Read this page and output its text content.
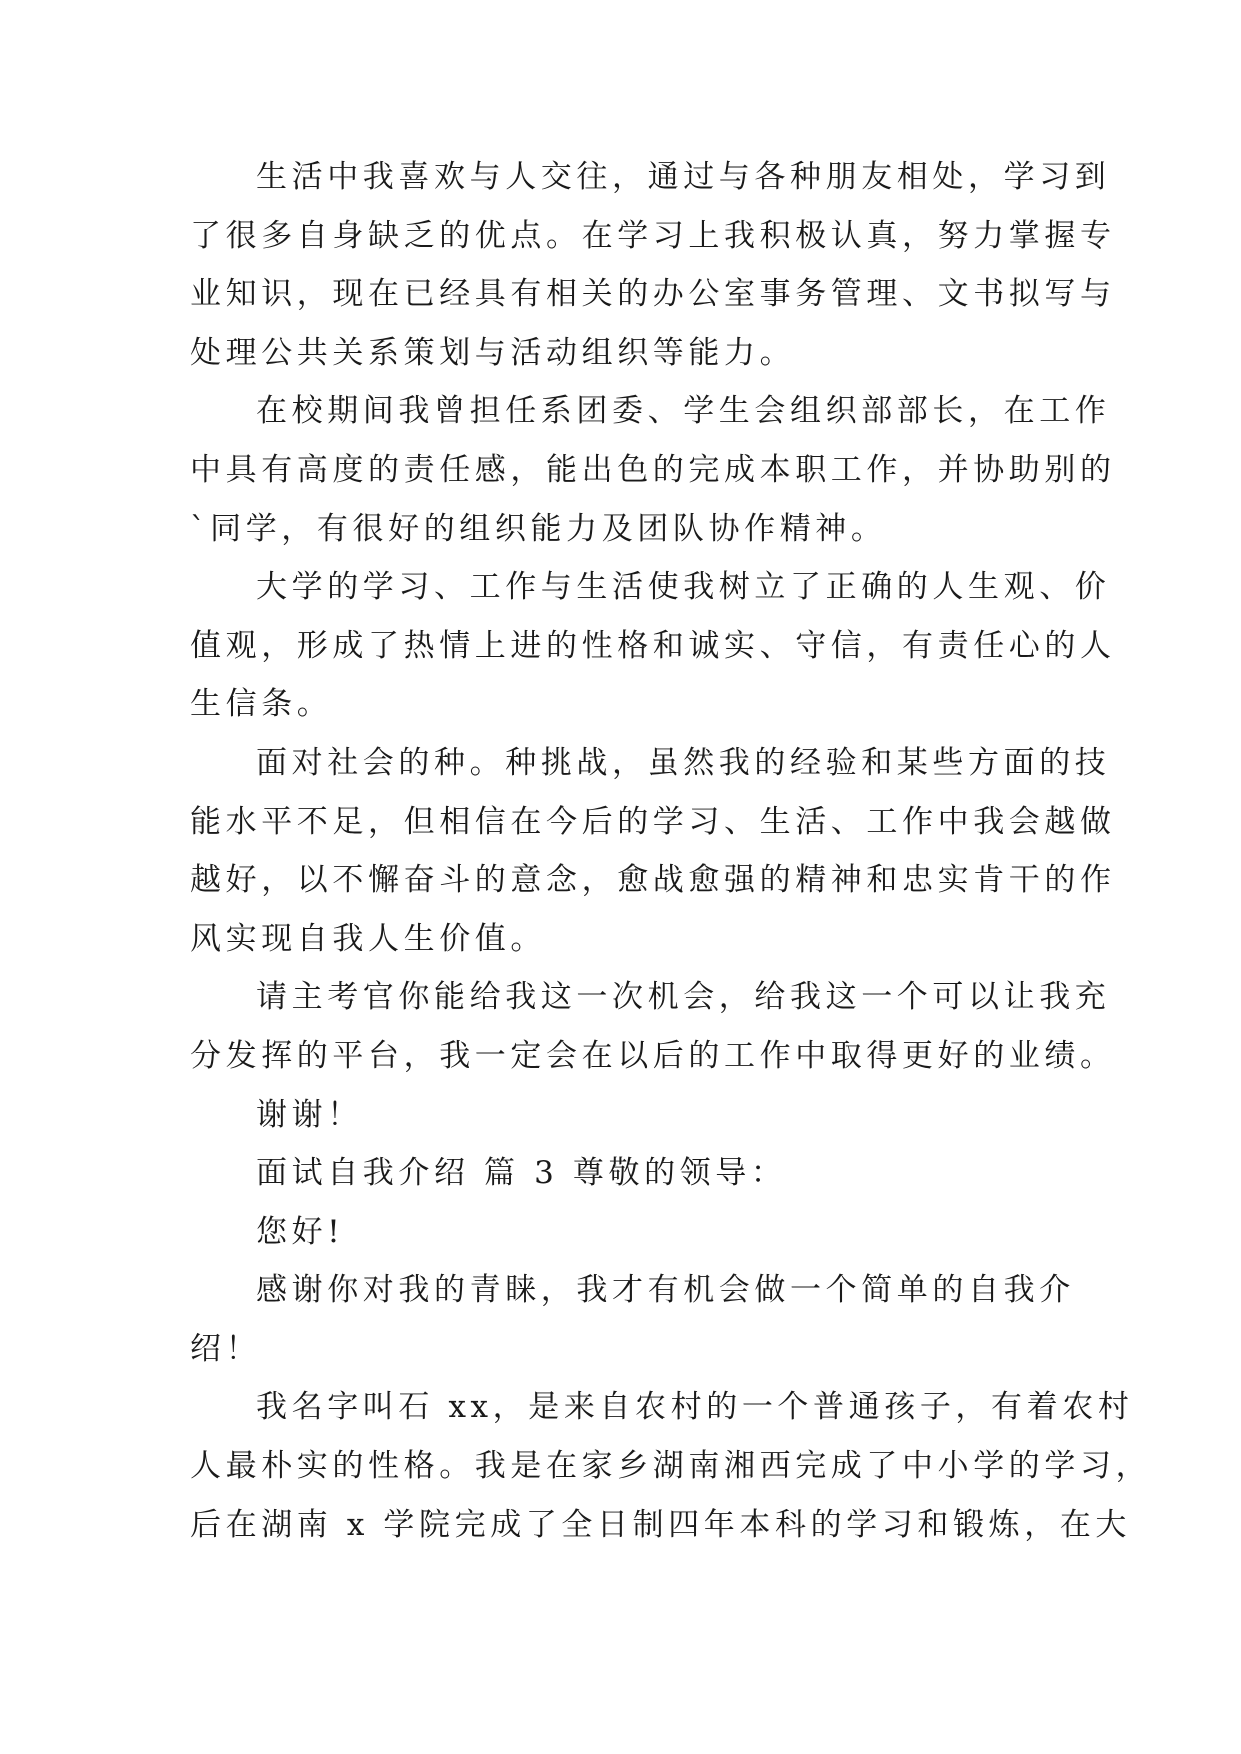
生活中我喜欢与人交往，通过与各种朋友相处，学习到
了很多自身缺乏的优点。在学习上我积极认真，努力掌握专
业知识，现在已经具有相关的办公室事务管理、文书拟写与
处理公共关系策划与活动组织等能力。
在校期间我曾担任系团委、学生会组织部部长，在工作
中具有高度的责任感，能出色的完成本职工作，并协助别的
`同学，有很好的组织能力及团队协作精神。
大学的学习、工作与生活使我树立了正确的人生观、价
值观，形成了热情上进的性格和诚实、守信，有责任心的人
生信条。
面对社会的种。种挑战，虽然我的经验和某些方面的技
能水平不足，但相信在今后的学习、生活、工作中我会越做
越好，以不懈奋斗的意念，愈战愈强的精神和忠实肯干的作
风实现自我人生价值。
请主考官你能给我这一次机会，给我这一个可以让我充
分发挥的平台，我一定会在以后的工作中取得更好的业绩。
谢谢！
面试自我介绍 篇 3 尊敬的领导：
您好!
感谢你对我的青睐，我才有机会做一个简单的自我介
绍！
我名字叫石 xx，是来自农村的一个普通孩子，有着农村
人最朴实的性格。我是在家乡湖南湘西完成了中小学的学习，
后在湖南 x 学院完成了全日制四年本科的学习和锻炼，在大
